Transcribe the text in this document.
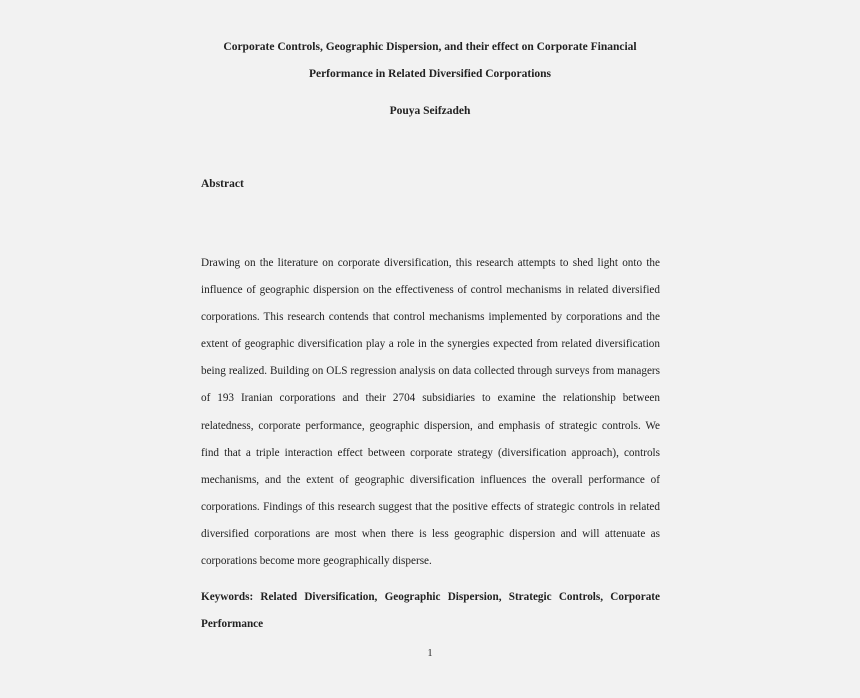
Corporate Controls, Geographic Dispersion, and their effect on Corporate Financial
Performance in Related Diversified Corporations
Pouya Seifzadeh
Abstract

Drawing on the literature on corporate diversification, this research attempts to shed light onto the influence of geographic dispersion on the effectiveness of control mechanisms in related diversified corporations. This research contends that control mechanisms implemented by corporations and the extent of geographic diversification play a role in the synergies expected from related diversification being realized. Building on OLS regression analysis on data collected through surveys from managers of 193 Iranian corporations and their 2704 subsidiaries to examine the relationship between relatedness, corporate performance, geographic dispersion, and emphasis of strategic controls. We find that a triple interaction effect between corporate strategy (diversification approach), controls mechanisms, and the extent of geographic diversification influences the overall performance of corporations. Findings of this research suggest that the positive effects of strategic controls in related diversified corporations are most when there is less geographic dispersion and will attenuate as corporations become more geographically disperse.

Keywords: Related Diversification, Geographic Dispersion, Strategic Controls, Corporate Performance

1
